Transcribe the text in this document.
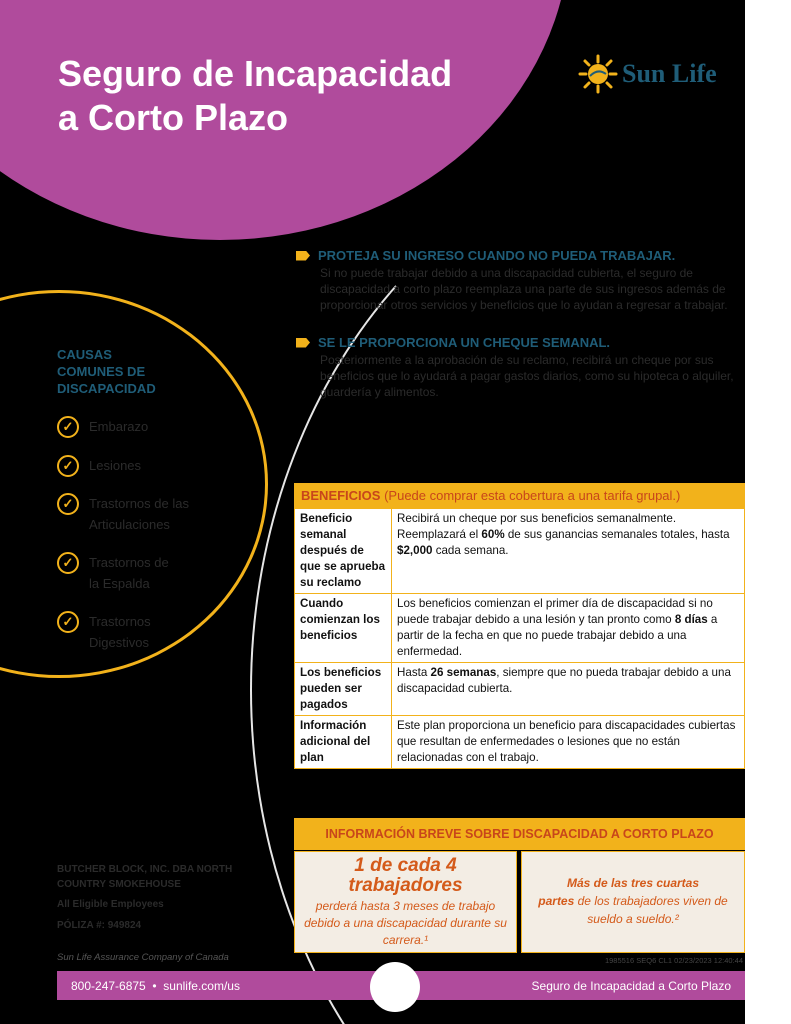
Seguro de Incapacidad
a Corto Plazo
Sun Life
PROTEJA SU INGRESO CUANDO NO PUEDA TRABAJAR.
Si no puede trabajar debido a una discapacidad cubierta, el seguro de discapacidad a corto plazo reemplaza una parte de sus ingresos además de proporcionar otros servicios y beneficios que lo ayudan a regresar a trabajar.
SE LE PROPORCIONA UN CHEQUE SEMANAL.
Posteriormente a la aprobación de su reclamo, recibirá un cheque por sus beneficios que lo ayudará a pagar gastos diarios, como su hipoteca o alquiler, guardería y alimentos.
CAUSAS
COMUNES DE
DISCAPACIDAD
✓	Embarazo
✓	Lesiones
✓	Trastornos de las
Articulaciones
✓	Trastornos de
la Espalda
✓	Trastornos
Digestivos
BENEFICIOS (Puede comprar esta cobertura a una tarifa grupal.)
Beneficio semanal después de que se aprueba su reclamo	Recibirá un cheque por sus beneficios semanalmente. Reemplazará el 60% de sus ganancias semanales totales, hasta $2,000 cada semana.
Cuando comienzan los beneficios	Los beneficios comienzan el primer día de discapacidad si no puede trabajar debido a una lesión y tan pronto como 8 días a partir de la fecha en que no puede trabajar debido a una enfermedad.
Los beneficios pueden ser pagados	Hasta 26 semanas, siempre que no pueda trabajar debido a una discapacidad cubierta.
Información adicional del plan	Este plan proporciona un beneficio para discapacidades cubiertas que resultan de enfermedades o lesiones que no están relacionadas con el trabajo.
INFORMACIÓN BREVE SOBRE DISCAPACIDAD A CORTO PLAZO
1 de cada 4
trabajadores
perderá hasta 3 meses de trabajo debido a una discapacidad durante su carrera.¹
Más de las tres cuartas
partes de los trabajadores viven de sueldo a sueldo.²
BUTCHER BLOCK, INC. DBA NORTH
COUNTRY SMOKEHOUSE
All Eligible Employees
PÓLIZA #: 949824
Sun Life Assurance Company of Canada	1985516 SEQ6 CL1 02/23/2023 12:40:44
800-247-6875 • sunlife.com/us	Seguro de Incapacidad a Corto Plazo
